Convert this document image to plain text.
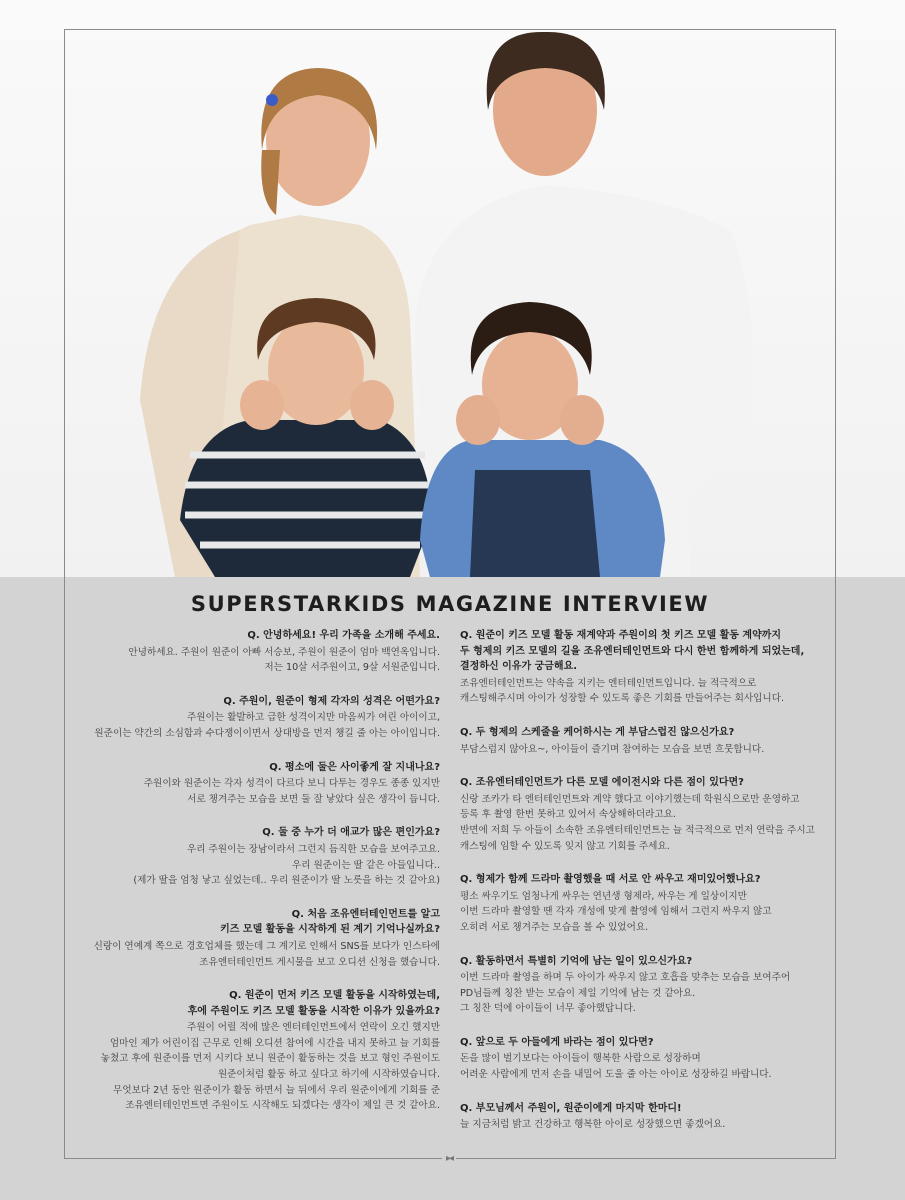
▸◂
SUPERSTARKIDS MAGAZINE INTERVIEW

Q. 안녕하세요! 우리 가족을 소개해 주세요.

안녕하세요. 주원이 원준이 아빠 서승보, 주원이 원준이 엄마 백연옥입니다.
저는 10살 서주원이고, 9살 서원준입니다.

Q. 주원이, 원준이 형제 각자의 성격은 어떤가요?

주원이는 활발하고 급한 성격이지만 마음씨가 여린 아이이고,
원준이는 약간의 소심함과 수다쟁이이면서 상대방을 먼저 챙길 줄 아는 아이입니다.

Q. 평소에 둘은 사이좋게 잘 지내나요?

주원이와 원준이는 각자 성격이 다르다 보니 다투는 경우도 종종 있지만
서로 챙겨주는 모습을 보면 둘 잘 낳았다 싶은 생각이 듭니다.

Q. 둘 중 누가 더 애교가 많은 편인가요?

우리 주원이는 장남이라서 그런지 듬직한 모습을 보여주고요.
우리 원준이는 딸 같은 아들입니다..
(제가 딸을 엄청 낳고 싶었는데.. 우리 원준이가 딸 노릇을 하는 것 같아요)

Q. 처음 조유엔터테인먼트를 알고
키즈 모델 활동을 시작하게 된 계기 기억나실까요?

신랑이 연예계 쪽으로 경호업체를 했는데 그 계기로 인해서 SNS를 보다가 인스타에
조유엔터테인먼트 게시물을 보고 오디션 신청을 했습니다.

Q. 원준이 먼저 키즈 모델 활동을 시작하였는데,
후에 주원이도 키즈 모델 활동을 시작한 이유가 있을까요?

주원이 어릴 적에 많은 엔터테인먼트에서 연락이 오긴 했지만
엄마인 제가 어린이집 근무로 인해 오디션 참여에 시간을 내지 못하고 늘 기회를
놓쳤고 후에 원준이를 먼저 시키다 보니 원준이 활동하는 것을 보고 형인 주원이도
원준이처럼 활동 하고 싶다고 하기에 시작하였습니다.
무엇보다 2년 동안 원준이가 활동 하면서 늘 뒤에서 우리 원준이에게 기회를 준
조유엔터테인먼트면 주원이도 시작해도 되겠다는 생각이 제일 큰 것 같아요.

Q. 원준이 키즈 모델 활동 재계약과 주원이의 첫 키즈 모델 활동 계약까지
두 형제의 키즈 모델의 길을 조유엔터테인먼트와 다시 한번 함께하게 되었는데,
결정하신 이유가 궁금해요.

조유엔터테인먼트는 약속을 지키는 엔터테인먼트입니다. 늘 적극적으로
캐스팅해주시며 아이가 성장할 수 있도록 좋은 기회를 만들어주는 회사입니다.

Q. 두 형제의 스케줄을 케어하시는 게 부담스럽진 않으신가요?

부담스럽지 않아요~, 아이들이 즐기며 참여하는 모습을 보면 흐뭇합니다.

Q. 조유엔터테인먼트가 다른 모델 에이전시와 다른 점이 있다면?

신랑 조카가 타 엔터테인먼트와 계약 했다고 이야기했는데 학원식으로만 운영하고
등록 후 촬영 한번 못하고 있어서 속상해하더라고요.
반면에 저희 두 아들이 소속한 조유엔터테인먼트는 늘 적극적으로 먼저 연락을 주시고
캐스팅에 임할 수 있도록 잊지 않고 기회를 주세요.

Q. 형제가 함께 드라마 촬영했을 때 서로 안 싸우고 재미있어했나요?

평소 싸우기도 엄청나게 싸우는 연년생 형제라, 싸우는 게 일상이지만
이번 드라마 촬영할 땐 각자 개성에 맞게 촬영에 임해서 그런지 싸우지 않고
오히려 서로 챙겨주는 모습을 볼 수 있었어요.

Q. 활동하면서 특별히 기억에 남는 일이 있으신가요?

이번 드라마 촬영을 하며 두 아이가 싸우지 않고 호흡을 맞추는 모습을 보여주어
PD님들께 칭찬 받는 모습이 제일 기억에 남는 것 같아요.
그 칭찬 덕에 아이들이 너무 좋아했답니다.

Q. 앞으로 두 아들에게 바라는 점이 있다면?

돈을 많이 벌기보다는 아이들이 행복한 사람으로 성장하며
어려운 사람에게 먼저 손을 내밀어 도울 줄 아는 아이로 성장하길 바랍니다.

Q. 부모님께서 주원이, 원준이에게 마지막 한마디!

늘 지금처럼 밝고 건강하고 행복한 아이로 성장했으면 좋겠어요.
